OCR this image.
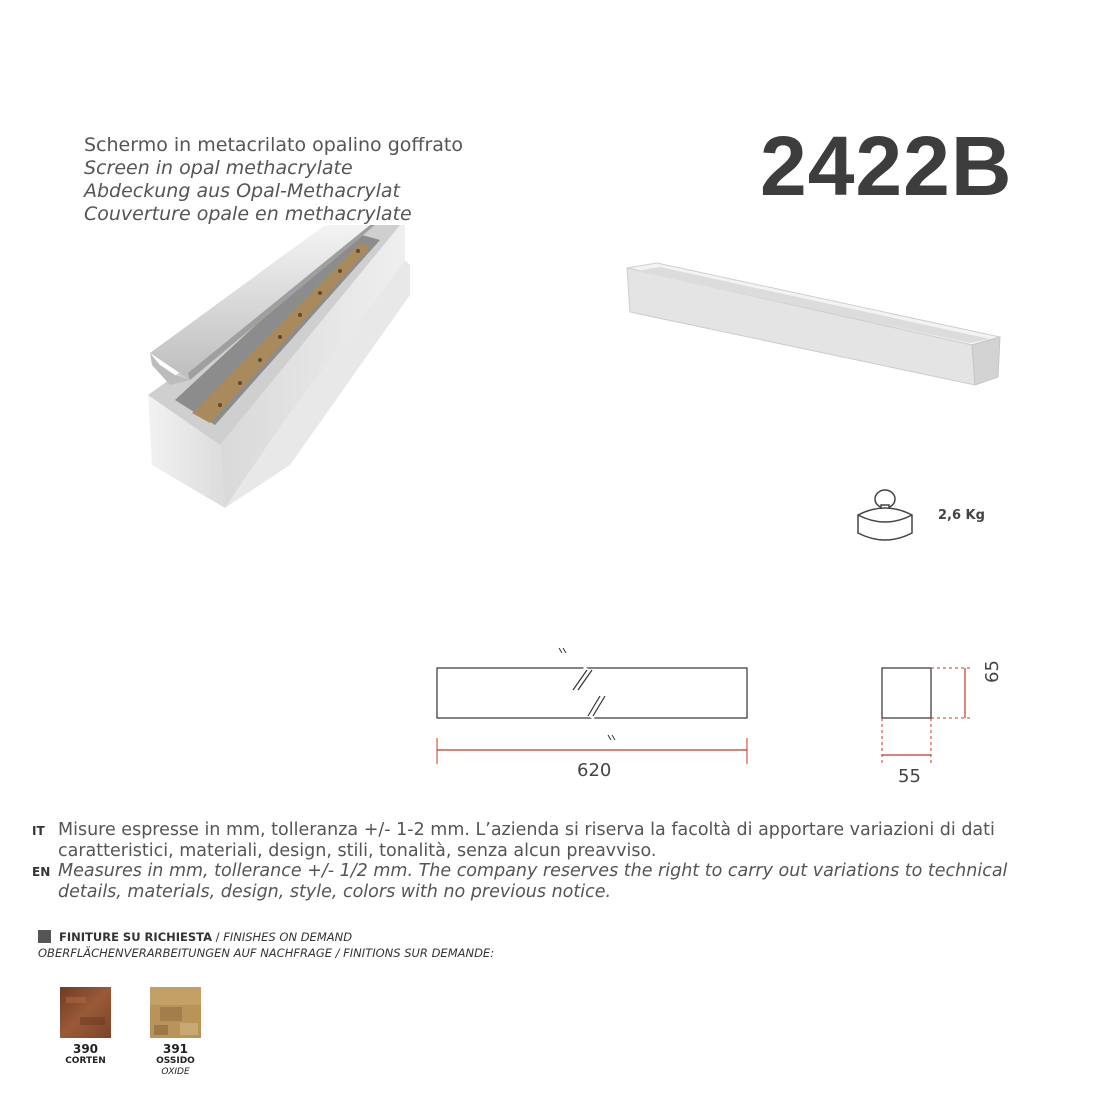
Schermo in metacrilato opalino goffrato
Screen in opal methacrylate
Abdeckung aus Opal-Methacrylat
Couverture opale en methacrylate
2422B
2,6 Kg
620
65
55
IT Misure espresse in mm, tolleranza +/- 1-2 mm. L’azienda si riserva la facoltà di apportare variazioni di dati
caratteristici, materiali, design, stili, tonalità, senza alcun preavviso.
EN Measures in mm, tollerance +/- 1/2 mm. The company reserves the right to carry out variations to technical
details, materials, design, style, colors with no previous notice.
FINITURE SU RICHIESTA / FINISHES ON DEMAND
OBERFLÄCHENVERARBEITUNGEN AUF NACHFRAGE / FINITIONS SUR DEMANDE:
390
CORTEN
391
OSSIDO
OXIDE
